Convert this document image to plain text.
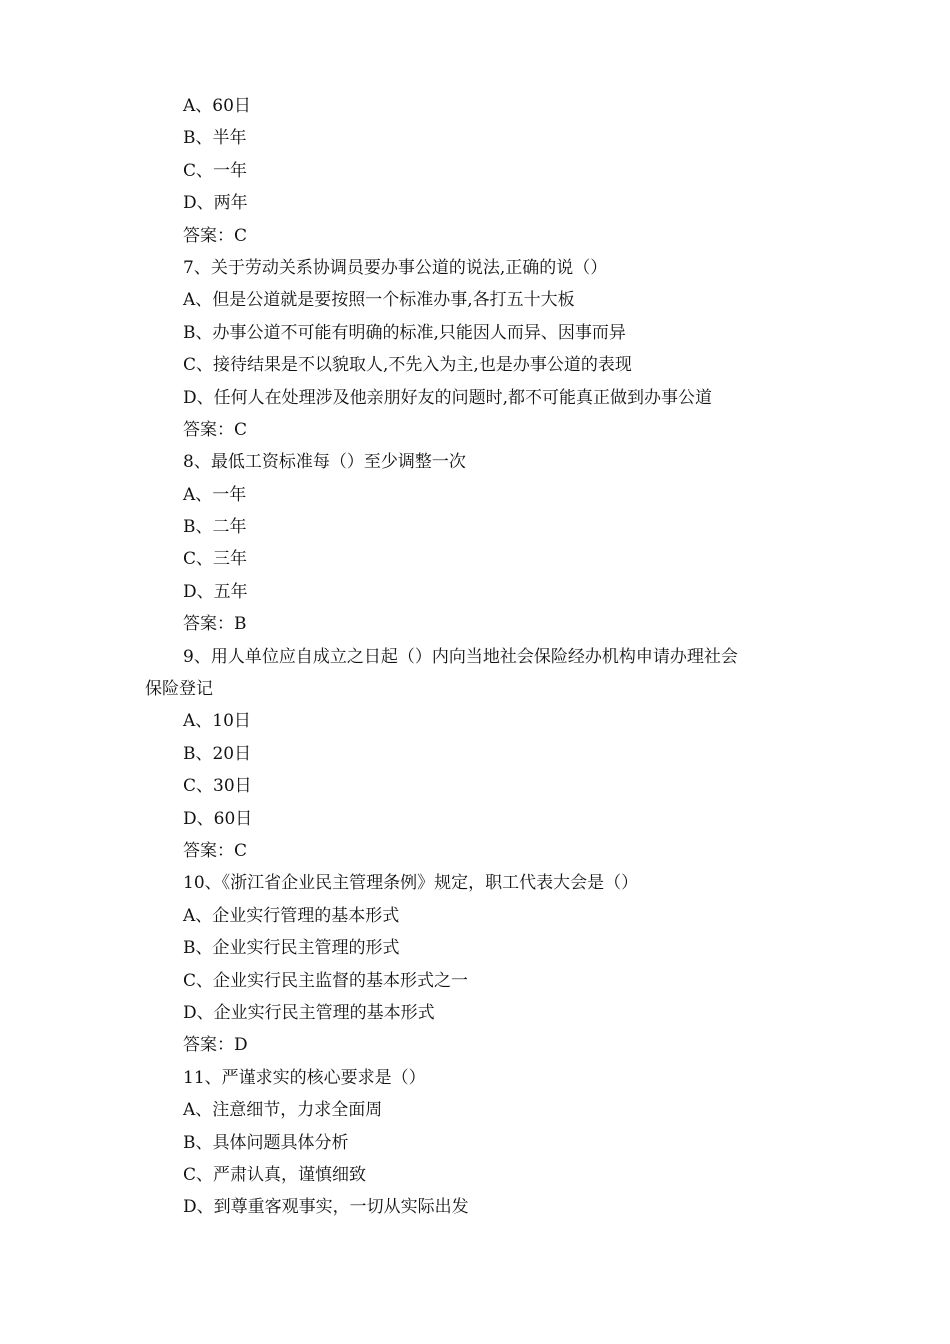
A、60日
B、半年
C、一年
D、两年
答案：C
7、关于劳动关系协调员要办事公道的说法,正确的说（）
A、但是公道就是要按照一个标准办事,各打五十大板
B、办事公道不可能有明确的标准,只能因人而异、因事而异
C、接待结果是不以貌取人,不先入为主,也是办事公道的表现
D、任何人在处理涉及他亲朋好友的问题时,都不可能真正做到办事公道
答案：C
8、最低工资标准每（）至少调整一次
A、一年
B、二年
C、三年
D、五年
答案：B
9、用人单位应自成立之日起（）内向当地社会保险经办机构申请办理社会
保险登记
A、10日
B、20日
C、30日
D、60日
答案：C
10、《浙江省企业民主管理条例》规定，职工代表大会是（）
A、企业实行管理的基本形式
B、企业实行民主管理的形式
C、企业实行民主监督的基本形式之一
D、企业实行民主管理的基本形式
答案：D
11、严谨求实的核心要求是（）
A、注意细节，力求全面周
B、具体问题具体分析
C、严肃认真，谨慎细致
D、到尊重客观事实，一切从实际出发
